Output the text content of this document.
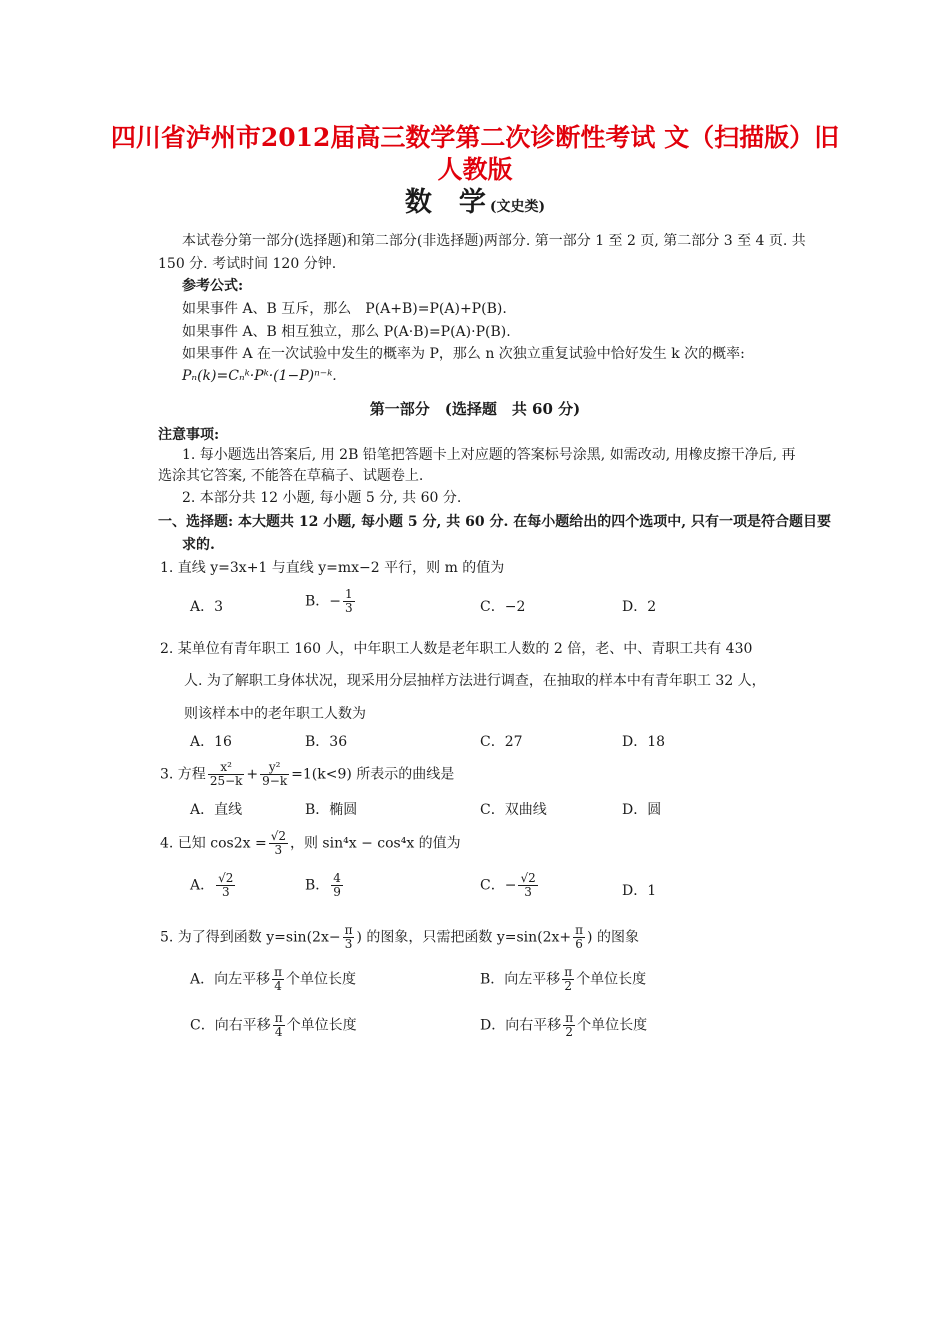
四川省泸州市2012届高三数学第二次诊断性考试 文（扫描版）旧
人教版
数　学 (文史类)
本试卷分第一部分(选择题)和第二部分(非选择题)两部分. 第一部分 1 至 2 页, 第二部分 3 至 4 页. 共
150 分. 考试时间 120 分钟.
参考公式:
如果事件 A、B 互斥，那么　P(A+B)=P(A)+P(B).
如果事件 A、B 相互独立，那么 P(A·B)=P(A)·P(B).
如果事件 A 在一次试验中发生的概率为 P，那么 n 次独立重复试验中恰好发生 k 次的概率:
Pₙ(k)=Cₙᵏ·Pᵏ·(1−P)ⁿ⁻ᵏ.
第一部分　(选择题　共 60 分)
注意事项:
1. 每小题选出答案后, 用 2B 铅笔把答题卡上对应题的答案标号涂黑, 如需改动, 用橡皮擦干净后, 再
选涂其它答案, 不能答在草稿子、试题卷上.
2. 本部分共 12 小题, 每小题 5 分, 共 60 分.
一、选择题: 本大题共 12 小题, 每小题 5 分, 共 60 分. 在每小题给出的四个选项中, 只有一项是符合题目要
求的.
1. 直线 y=3x+1 与直线 y=mx−2 平行，则 m 的值为
A．3	B．− $\frac{1}{3}$	C．−2	D．2
2. 某单位有青年职工 160 人，中年职工人数是老年职工人数的 2 倍，老、中、青职工共有 430
人. 为了解职工身体状况，现采用分层抽样方法进行调查，在抽取的样本中有青年职工 32 人，
则该样本中的老年职工人数为
A．16	B．36	C．27	D．18
3. 方程 $\frac{\text{x²}}{25-k} + \frac{\text{y²}}{9-k} =1(k<9)$ 所表示的曲线是
A．直线	B．椭圆	C．双曲线	D．圆
4. 已知 $\cos 2x = \frac{√2}{3}$ ，则 sin⁴x − cos⁴x 的值为
A． $\frac{√2}{3}$	B． $\frac{4}{9}$	C．− $\frac{√2}{3}$	D．1
5. 为了得到函数 $y=\sin(2x- \frac{\pi}{3}$ ) 的图象，只需把函数 $y=\sin(2x+ \frac{\pi}{6}$ ) 的图象
A．向左平移 $\frac{\pi}{4}$ 个单位长度	B．向左平移 $\frac{\pi}{2}$ 个单位长度
C．向右平移 $\frac{\pi}{4}$ 个单位长度	D．向右平移 $\frac{\pi}{2}$ 个单位长度
